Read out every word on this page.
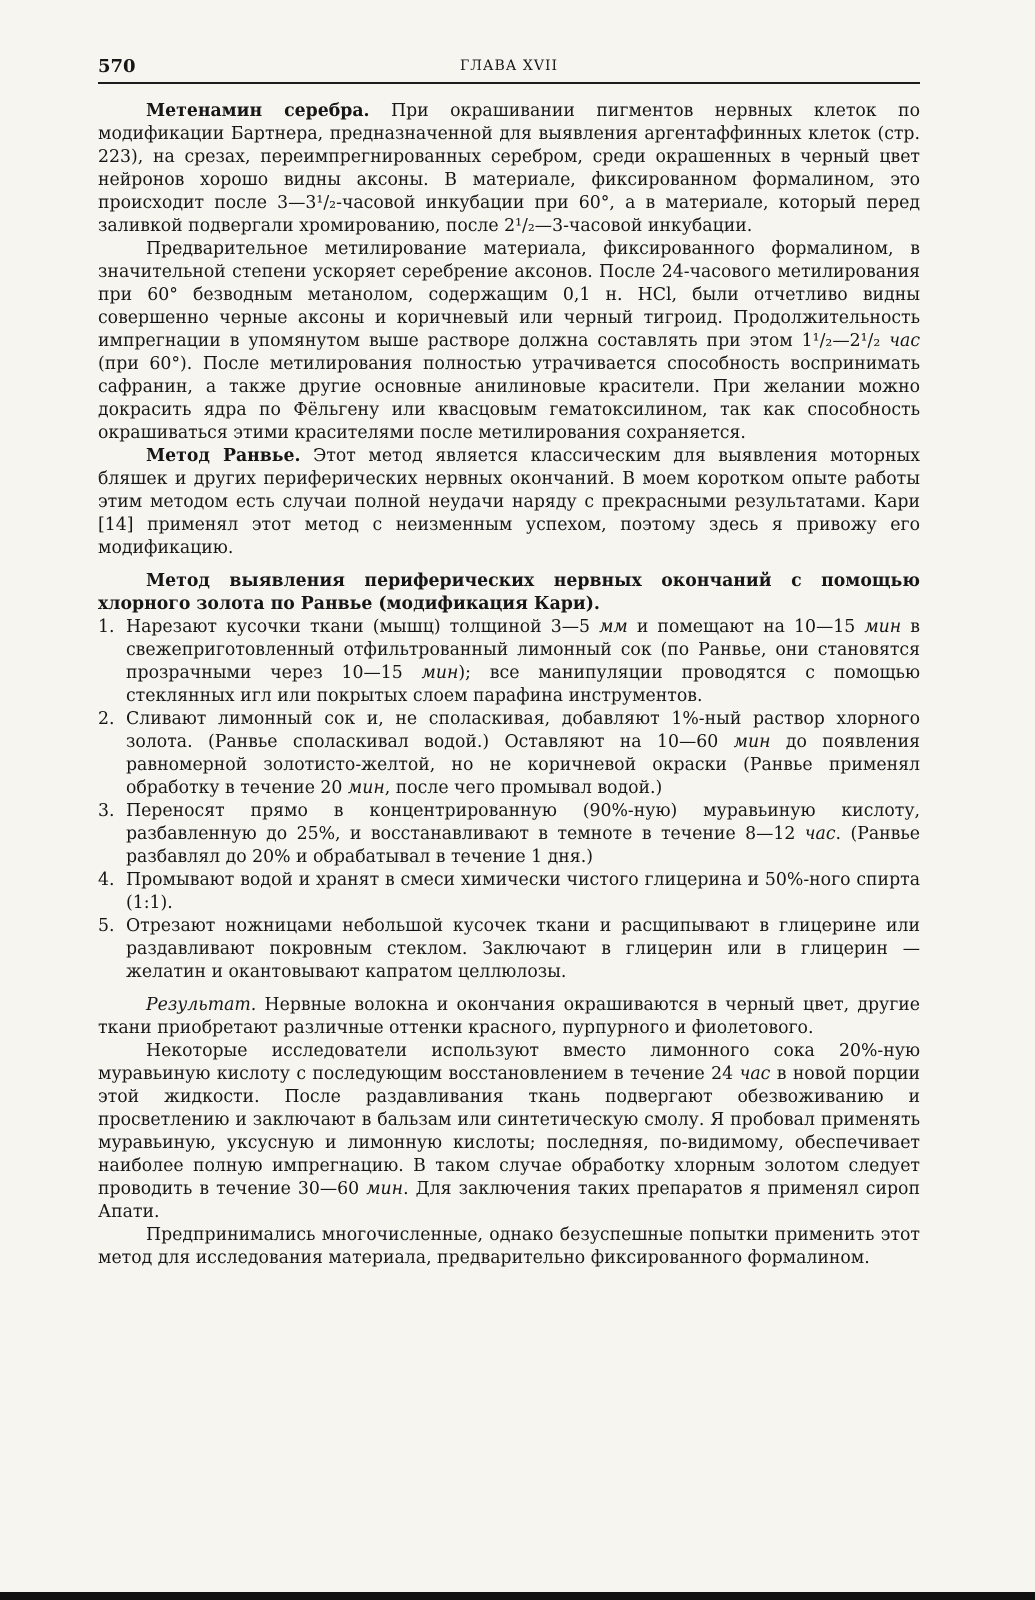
570	ГЛАВА XVII

Метенамин серебра. При окрашивании пигментов нервных клеток по модификации Бартнера, предназначенной для выявления аргентаффинных клеток (стр. 223), на срезах, переимпрегнированных серебром, среди окрашенных в черный цвет нейронов хорошо видны аксоны. В материале, фиксированном формалином, это происходит после 3—3¹/₂-часовой инкубации при 60°, а в материале, который перед заливкой подвергали хромированию, после 2¹/₂—3-часовой инкубации.

Предварительное метилирование материала, фиксированного формалином, в значительной степени ускоряет серебрение аксонов. После 24-часового метилирования при 60° безводным метанолом, содержащим 0,1 н. HCl, были отчетливо видны совершенно черные аксоны и коричневый или черный тигроид. Продолжительность импрегнации в упомянутом выше растворе должна составлять при этом 1¹/₂—2¹/₂ час (при 60°). После метилирования полностью утрачивается способность воспринимать сафранин, а также другие основные анилиновые красители. При желании можно докрасить ядра по Фёльгену или квасцовым гематоксилином, так как способность окрашиваться этими красителями после метилирования сохраняется.

Метод Ранвье. Этот метод является классическим для выявления моторных бляшек и других периферических нервных окончаний. В моем коротком опыте работы этим методом есть случаи полной неудачи наряду с прекрасными результатами. Кари [14] применял этот метод с неизменным успехом, поэтому здесь я привожу его модификацию.

Метод выявления периферических нервных окончаний с помощью хлорного золота по Ранвье (модификация Кари).

1. Нарезают кусочки ткани (мышц) толщиной 3—5 мм и помещают на 10—15 мин в свежеприготовленный отфильтрованный лимонный сок (по Ранвье, они становятся прозрачными через 10—15 мин); все манипуляции проводятся с помощью стеклянных игл или покрытых слоем парафина инструментов.
2. Сливают лимонный сок и, не споласкивая, добавляют 1%-ный раствор хлорного золота. (Ранвье споласкивал водой.) Оставляют на 10—60 мин до появления равномерной золотисто-желтой, но не коричневой окраски (Ранвье применял обработку в течение 20 мин, после чего промывал водой.)
3. Переносят прямо в концентрированную (90%-ную) муравьиную кислоту, разбавленную до 25%, и восстанавливают в темноте в течение 8—12 час. (Ранвье разбавлял до 20% и обрабатывал в течение 1 дня.)
4. Промывают водой и хранят в смеси химически чистого глицерина и 50%-ного спирта (1:1).
5. Отрезают ножницами небольшой кусочек ткани и расщипывают в глицерине или раздавливают покровным стеклом. Заключают в глицерин или в глицерин — желатин и окантовывают капратом целлюлозы.

Результат. Нервные волокна и окончания окрашиваются в черный цвет, другие ткани приобретают различные оттенки красного, пурпурного и фиолетового.

Некоторые исследователи используют вместо лимонного сока 20%-ную муравьиную кислоту с последующим восстановлением в течение 24 час в новой порции этой жидкости. После раздавливания ткань подвергают обезвоживанию и просветлению и заключают в бальзам или синтетическую смолу. Я пробовал применять муравьиную, уксусную и лимонную кислоты; последняя, по-видимому, обеспечивает наиболее полную импрегнацию. В таком случае обработку хлорным золотом следует проводить в течение 30—60 мин. Для заключения таких препаратов я применял сироп Апати.

Предпринимались многочисленные, однако безуспешные попытки применить этот метод для исследования материала, предварительно фиксированного формалином.
